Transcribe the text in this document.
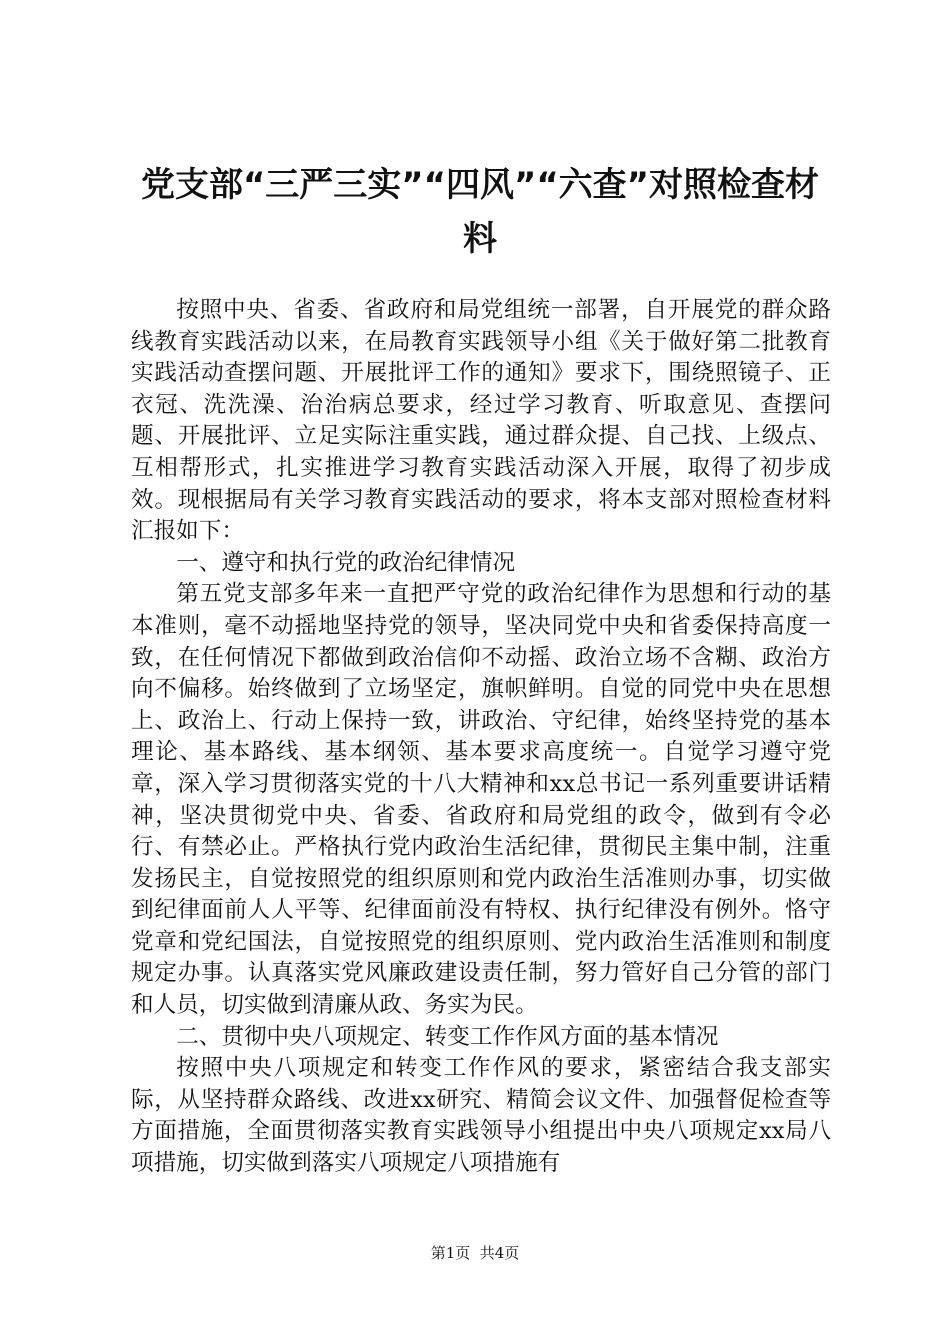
党支部“三严三实”“四风”“六查”对照检查材料

按照中央、省委、省政府和局党组统一部署，自开展党的群众路线教育实践活动以来，在局教育实践领导小组《关于做好第二批教育实践活动查摆问题、开展批评工作的通知》要求下，围绕照镜子、正衣冠、洗洗澡、治治病总要求，经过学习教育、听取意见、查摆问题、开展批评、立足实际注重实践，通过群众提、自己找、上级点、互相帮形式，扎实推进学习教育实践活动深入开展，取得了初步成效。现根据局有关学习教育实践活动的要求，将本支部对照检查材料汇报如下：

一、遵守和执行党的政治纪律情况

第五党支部多年来一直把严守党的政治纪律作为思想和行动的基本准则，毫不动摇地坚持党的领导，坚决同党中央和省委保持高度一致，在任何情况下都做到政治信仰不动摇、政治立场不含糊、政治方向不偏移。始终做到了立场坚定，旗帜鲜明。自觉的同党中央在思想上、政治上、行动上保持一致，讲政治、守纪律，始终坚持党的基本理论、基本路线、基本纲领、基本要求高度统一。自觉学习遵守党章，深入学习贯彻落实党的十八大精神和xx总书记一系列重要讲话精神，坚决贯彻党中央、省委、省政府和局党组的政令，做到有令必行、有禁必止。严格执行党内政治生活纪律，贯彻民主集中制，注重发扬民主，自觉按照党的组织原则和党内政治生活准则办事，切实做到纪律面前人人平等、纪律面前没有特权、执行纪律没有例外。恪守党章和党纪国法，自觉按照党的组织原则、党内政治生活准则和制度规定办事。认真落实党风廉政建设责任制，努力管好自己分管的部门和人员，切实做到清廉从政、务实为民。

二、贯彻中央八项规定、转变工作作风方面的基本情况

按照中央八项规定和转变工作作风的要求，紧密结合我支部实际，从坚持群众路线、改进xx研究、精简会议文件、加强督促检查等方面措施，全面贯彻落实教育实践领导小组提出中央八项规定xx局八项措施，切实做到落实八项规定八项措施有

第1页  共4页
